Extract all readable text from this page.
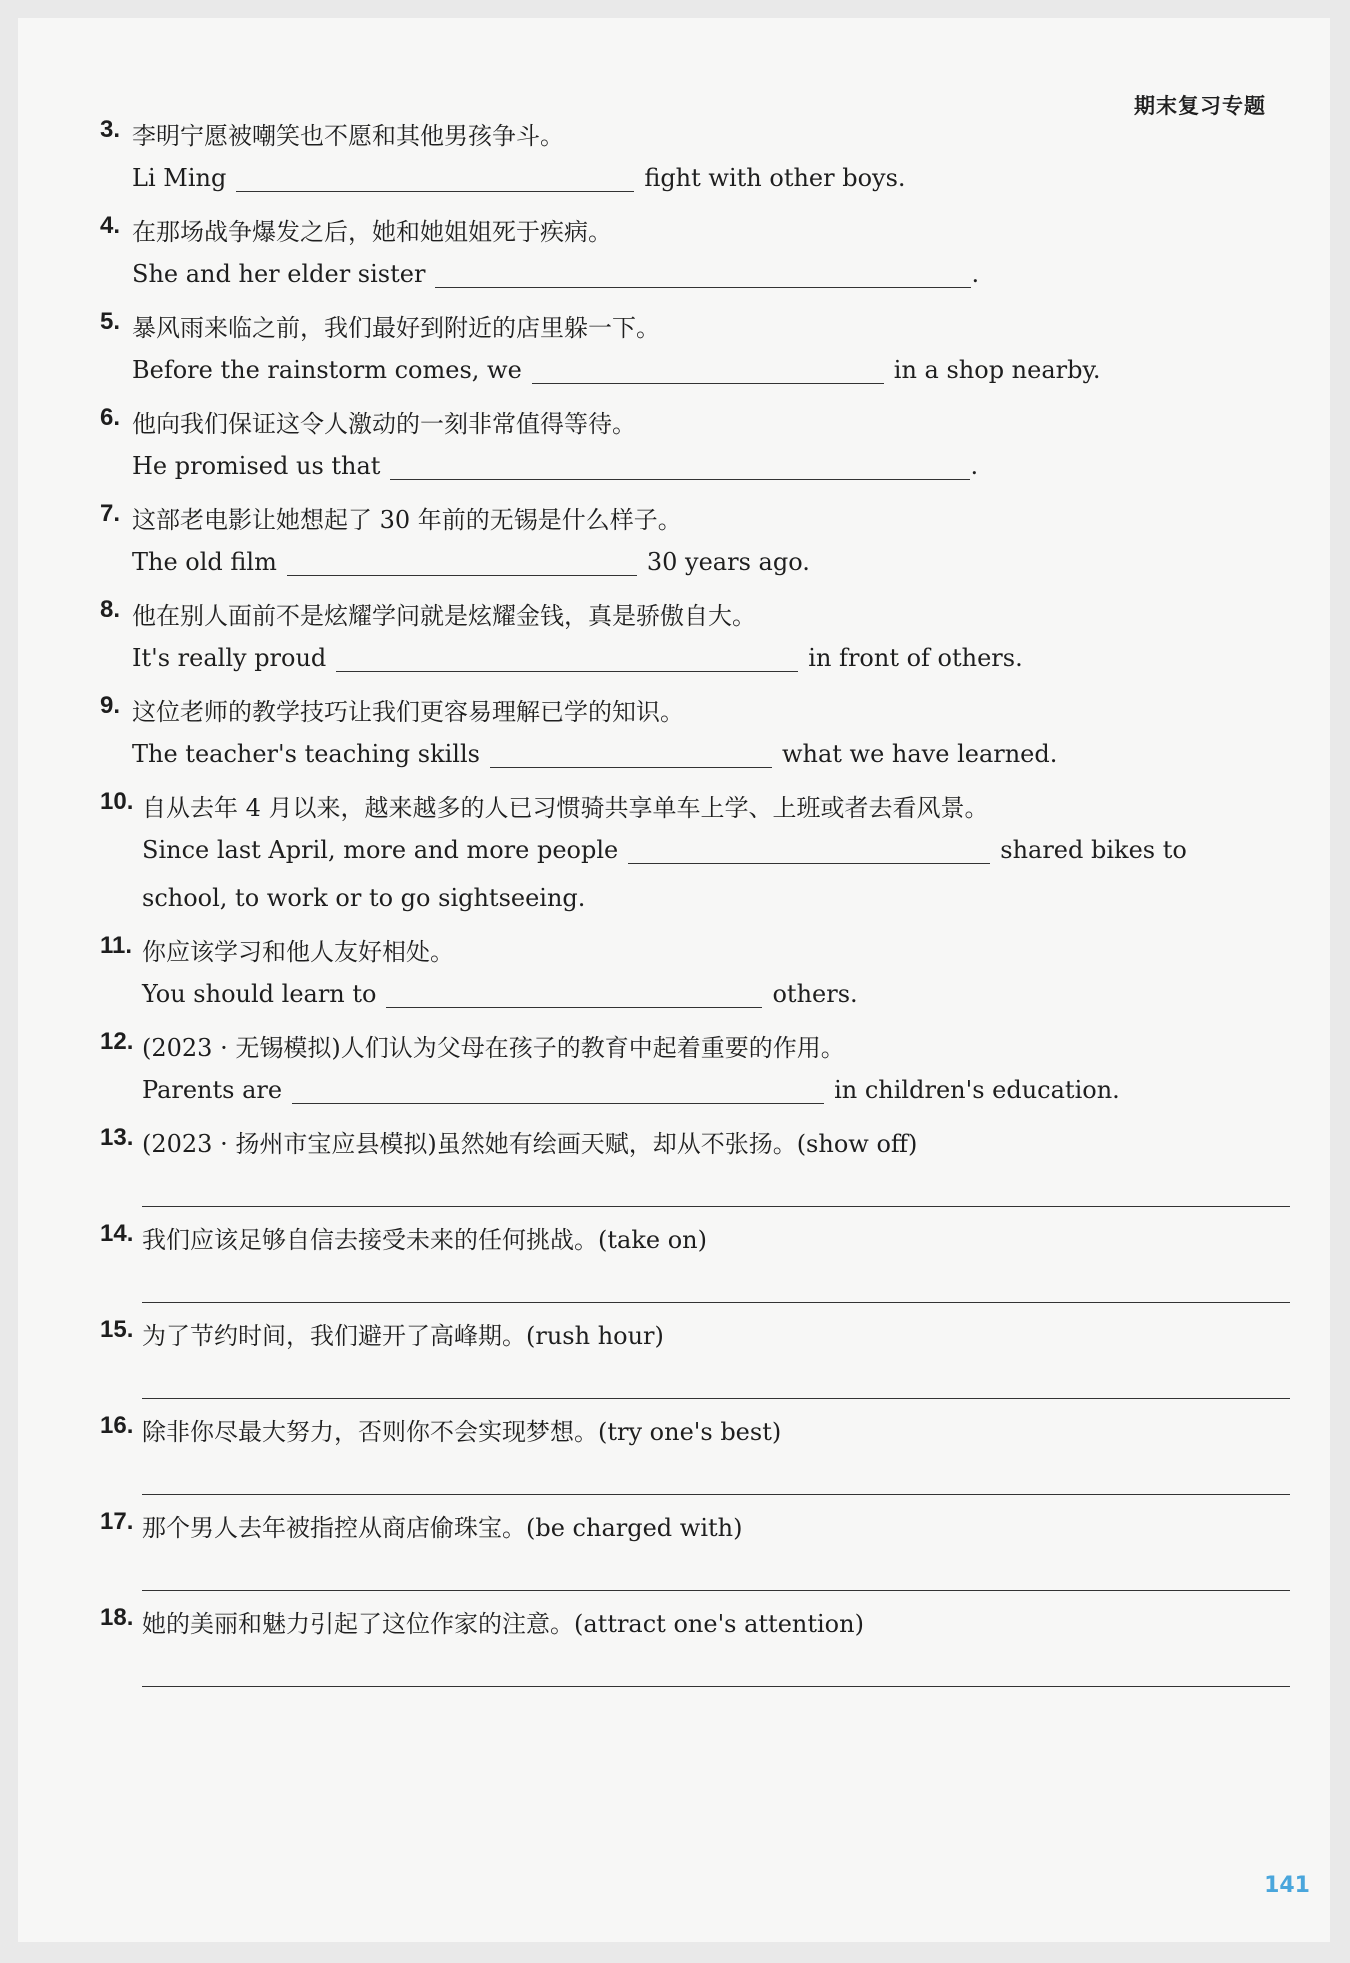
期末复习专题
3. 李明宁愿被嘲笑也不愿和其他男孩争斗。
Li Ming	fight with other boys.
4. 在那场战争爆发之后，她和她姐姐死于疾病。
She and her elder sister	.
5. 暴风雨来临之前，我们最好到附近的店里躲一下。
Before the rainstorm comes, we	in a shop nearby.
6. 他向我们保证这令人激动的一刻非常值得等待。
He promised us that	.
7. 这部老电影让她想起了 30 年前的无锡是什么样子。
The old film	30 years ago.
8. 他在别人面前不是炫耀学问就是炫耀金钱，真是骄傲自大。
It's really proud	in front of others.
9. 这位老师的教学技巧让我们更容易理解已学的知识。
The teacher's teaching skills	what we have learned.
10. 自从去年 4 月以来，越来越多的人已习惯骑共享单车上学、上班或者去看风景。
Since last April, more and more people	shared bikes to
school, to work or to go sightseeing.
11. 你应该学习和他人友好相处。
You should learn to	others.
12. (2023 · 无锡模拟)人们认为父母在孩子的教育中起着重要的作用。
Parents are	in children's education.
13. (2023 · 扬州市宝应县模拟)虽然她有绘画天赋，却从不张扬。(show off)
14. 我们应该足够自信去接受未来的任何挑战。(take on)
15. 为了节约时间，我们避开了高峰期。(rush hour)
16. 除非你尽最大努力，否则你不会实现梦想。(try one's best)
17. 那个男人去年被指控从商店偷珠宝。(be charged with)
18. 她的美丽和魅力引起了这位作家的注意。(attract one's attention)
141
